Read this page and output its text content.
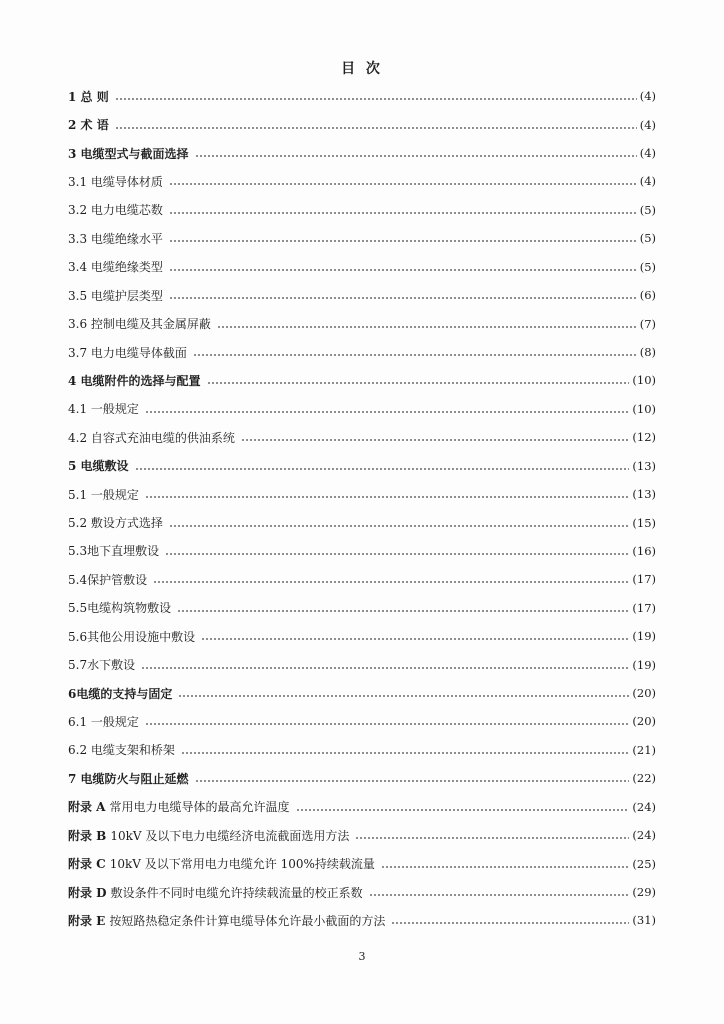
目 次
1 总 则	(4)
2 术 语	(4)
3 电缆型式与截面选择	(4)
3.1 电缆导体材质	(4)
3.2 电力电缆芯数	(5)
3.3 电缆绝缘水平	(5)
3.4 电缆绝缘类型	(5)
3.5 电缆护层类型	(6)
3.6 控制电缆及其金属屏蔽	(7)
3.7 电力电缆导体截面	(8)
4 电缆附件的选择与配置	(10)
4.1 一般规定	(10)
4.2 自容式充油电缆的供油系统	(12)
5 电缆敷设	(13)
5.1 一般规定	(13)
5.2 敷设方式选择	(15)
5.3地下直埋敷设	(16)
5.4保护管敷设	(17)
5.5电缆构筑物敷设	(17)
5.6其他公用设施中敷设	(19)
5.7水下敷设	(19)
6电缆的支持与固定	(20)
6.1 一般规定	(20)
6.2 电缆支架和桥架	(21)
7 电缆防火与阻止延燃	(22)
附录 A 常用电力电缆导体的最高允许温度	(24)
附录 B 10kV 及以下电力电缆经济电流截面选用方法	(24)
附录 C 10kV 及以下常用电力电缆允许 100%持续载流量	(25)
附录 D 敷设条件不同时电缆允许持续载流量的校正系数	(29)
附录 E 按短路热稳定条件计算电缆导体允许最小截面的方法	(31)
3
